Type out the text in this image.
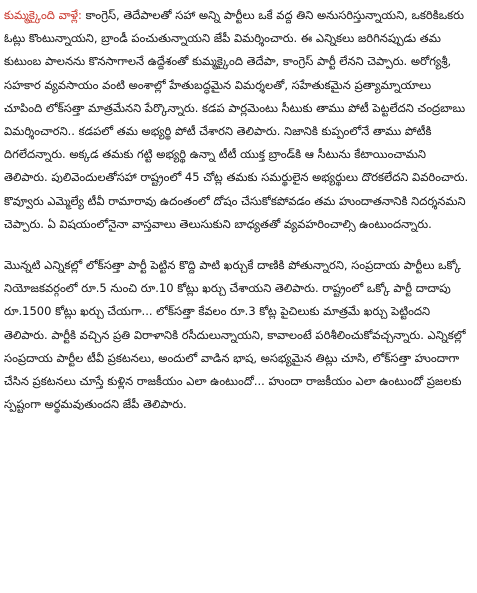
కుమ్మక్కైంది వాళ్లే: కాంగ్రెస్, తెదేపాలతో సహా అన్ని పార్టీలు ఒకే వద్ద తిని అనుసరిస్తున్నాయని, ఒకరికిఒకరు ఓట్లు కొంటున్నాయని, బ్రాండీ పంచుతున్నాయని జేపీ విమర్శించారు. ఈ ఎన్నికలు జరిగినప్పుడు తమ కుటుంబ పాలనను కొనసాగాలనే ఉద్దేశంతో కుమ్మక్కైంది తెదేపా, కాంగ్రెస్ పార్టీ లేనని చెప్పారు. అరోగ్యశ్రీ, సహకార వ్యవసాయం వంటి అంశాల్లో హేతుబద్ధమైన విమర్శలతో, సహేతుకమైన ప్రత్యామ్నాయాలు చూపింది లోక్‌సత్తా మాత్రమేనని పేర్కొన్నారు. కడప పార్లమెంటు సీటుకు తాము పోటీ పెట్టలేదని చంద్రబాబు విమర్శించారని.. కడపలో తమ అభ్యర్థి పోటీ చేశారని తెలిపారు. నిజానికి కుప్పంలోనే తాము పోటీకి దిగలేదన్నారు. అక్కడ తమకు గట్టి అభ్యర్థి ఉన్నా టీటీ యుక్త బ్రాండ్‌కి ఆ సీటును కేటాయించామని తెలిపారు. పులివెందులతోసహా రాష్ట్రంలో 45 చోట్ల తమకు సమర్థులైన అభ్యర్థులు దొరకలేదని వివరించారు. కొవ్వూరు ఎమ్మెల్యే టీవీ రామారావు ఉదంతంలో దోషం చేసుకోకపోవడం తమ హుందాతనానికి నిదర్శనమని చెప్పారు. ఏ విషయంలోనైనా వాస్తవాలు తెలుసుకుని బాధ్యతతో వ్యవహరించాల్సి ఉంటుందన్నారు.

మొన్నటి ఎన్నికల్లో లోక్‌సత్తా పార్టీ పెట్టిన కొద్ది పాటి ఖర్చుకే దాణికి పోతున్నారని, సంప్రదాయ పార్టీలు ఒక్కో నియోజకవర్గంలో రూ.5 నుంచి రూ.10 కోట్లు ఖర్చు చేశాయని తెలిపారు. రాష్ట్రంలో ఒక్కో పార్టీ దాదాపు రూ.1500 కోట్లు ఖర్చు చేయగా... లోక్‌సత్తా కేవలం రూ.3 కోట్ల పైచిలుకు మాత్రమే ఖర్చు పెట్టిందని తెలిపారు. పార్టీకి వచ్చిన ప్రతి విరాళానికి రసీదులున్నాయని, కావాలంటే పరిశీలించుకోవచ్చన్నారు. ఎన్నికల్లో సంప్రదాయ పార్టీల టీవీ ప్రకటనలు, అందులో వాడిన భాష, అసభ్యమైన తిట్లు చూసి, లోక్‌సత్తా హుందాగా చేసిన ప్రకటనలు చూస్తే కుళ్లిన రాజకీయం ఎలా ఉంటుందో... హుందా రాజకీయం ఎలా ఉంటుందో ప్రజలకు స్పష్టంగా అర్థమవుతుందని జేపీ తెలిపారు.
